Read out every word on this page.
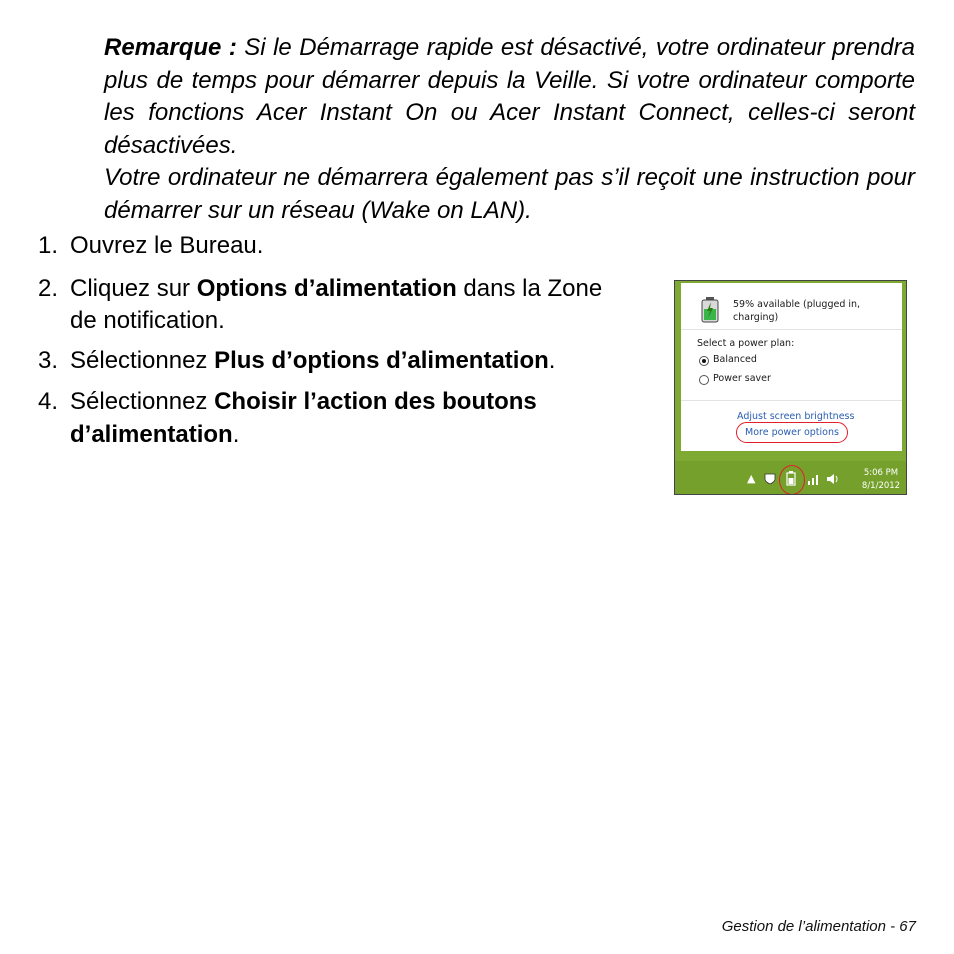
Remarque : Si le Démarrage rapide est désactivé, votre ordinateur prendra plus de temps pour démarrer depuis la Veille. Si votre ordinateur comporte les fonctions Acer Instant On ou Acer Instant Connect, celles-ci seront désactivées.

Votre ordinateur ne démarrera également pas s’il reçoit une instruction pour démarrer sur un réseau (Wake on LAN).

1. Ouvrez le Bureau.

2. Cliquez sur Options d’alimentation dans la Zone de notification.

3. Sélectionnez Plus d’options d’alimentation.

4. Sélectionnez Choisir l’action des boutons d’alimentation.

59% available (plugged in, charging)
Select a power plan:
Balanced
Power saver
Adjust screen brightness
More power options
▲	5:06 PM
8/1/2012
Gestion de l’alimentation - 67
